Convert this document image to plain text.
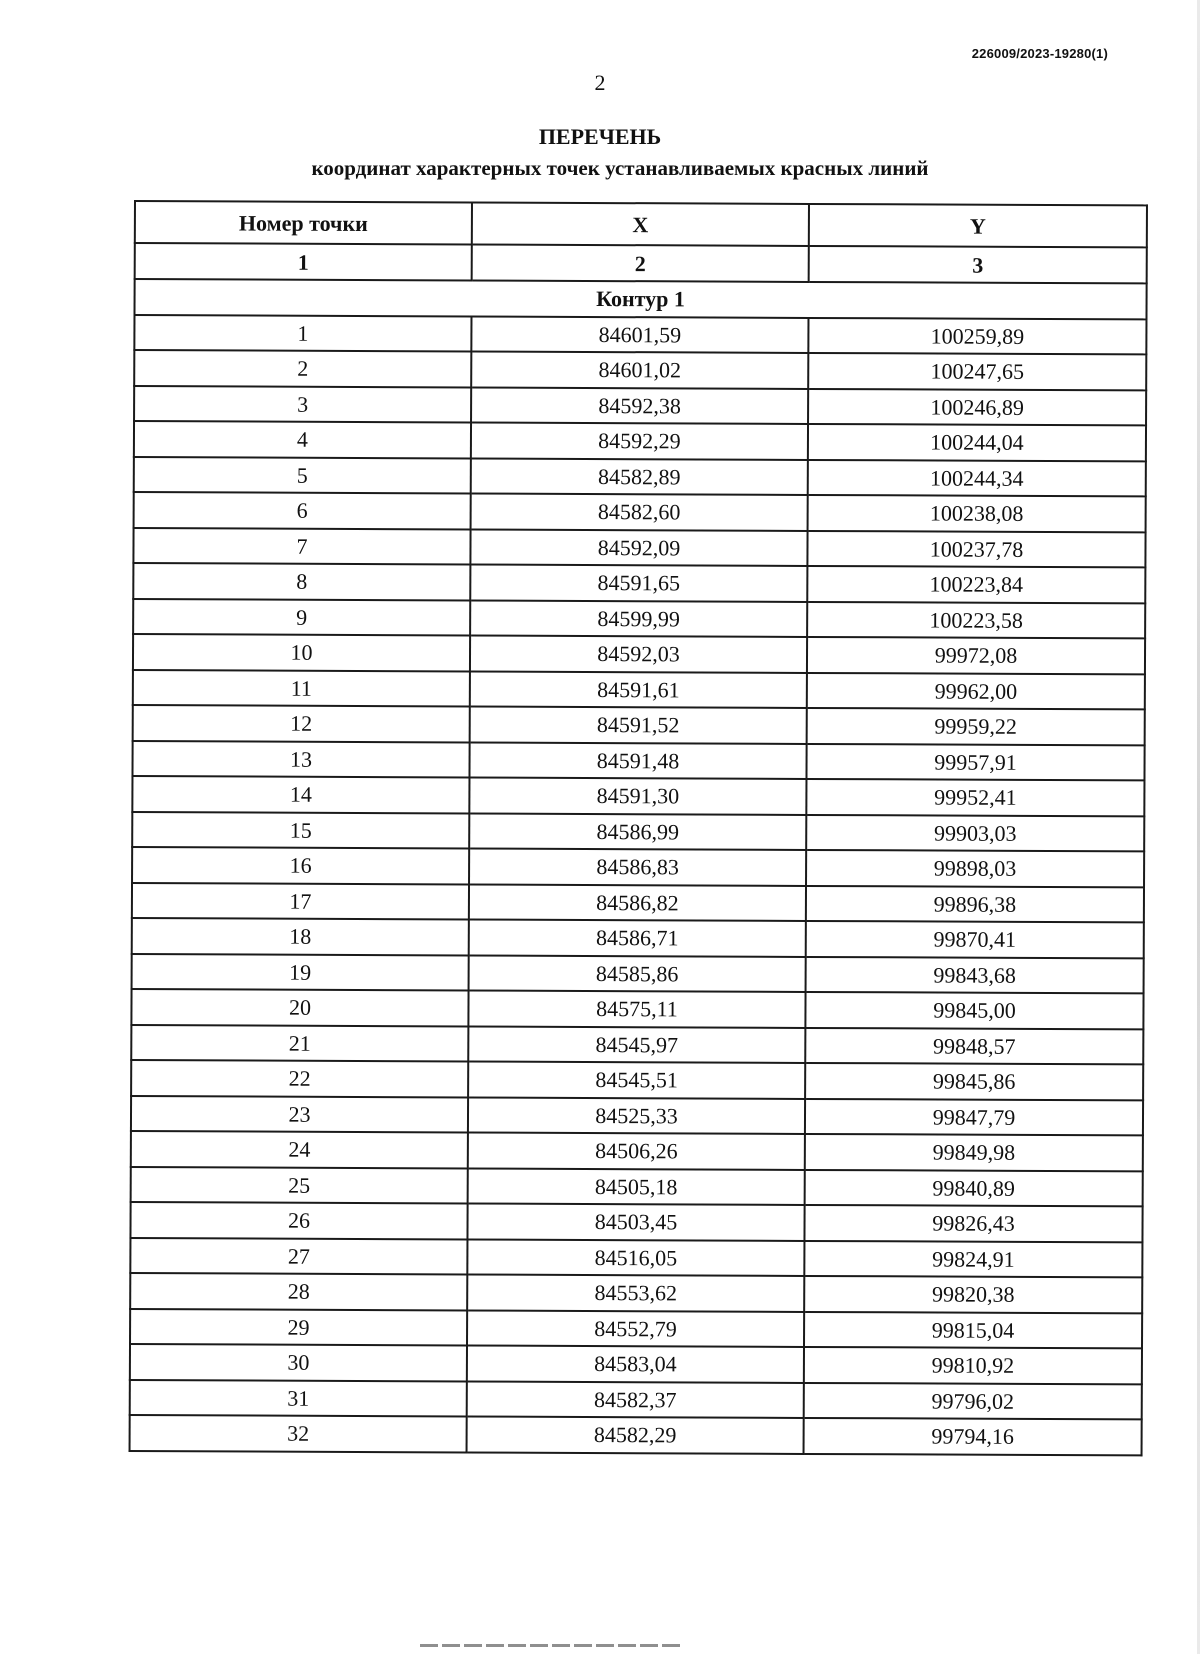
226009/2023-19280(1)
2
ПЕРЕЧЕНЬ
координат характерных точек устанавливаемых красных линий
Номер точки	X	Y
1	2	3
Контур 1		
1	84601,59	100259,89
2	84601,02	100247,65
3	84592,38	100246,89
4	84592,29	100244,04
5	84582,89	100244,34
6	84582,60	100238,08
7	84592,09	100237,78
8	84591,65	100223,84
9	84599,99	100223,58
10	84592,03	99972,08
11	84591,61	99962,00
12	84591,52	99959,22
13	84591,48	99957,91
14	84591,30	99952,41
15	84586,99	99903,03
16	84586,83	99898,03
17	84586,82	99896,38
18	84586,71	99870,41
19	84585,86	99843,68
20	84575,11	99845,00
21	84545,97	99848,57
22	84545,51	99845,86
23	84525,33	99847,79
24	84506,26	99849,98
25	84505,18	99840,89
26	84503,45	99826,43
27	84516,05	99824,91
28	84553,62	99820,38
29	84552,79	99815,04
30	84583,04	99810,92
31	84582,37	99796,02
32	84582,29	99794,16
